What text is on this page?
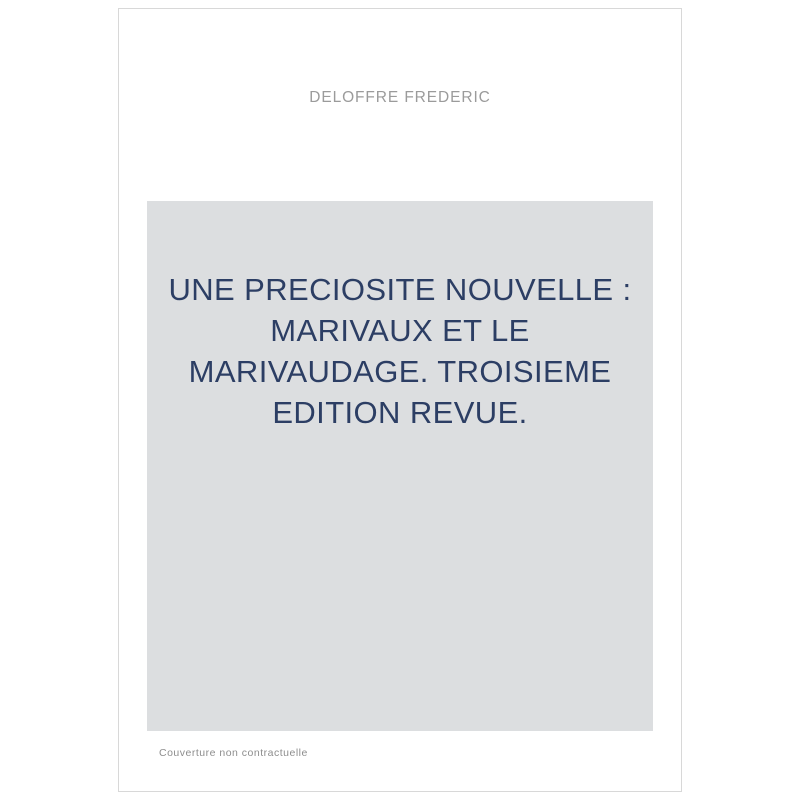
DELOFFRE FREDERIC
UNE PRECIOSITE NOUVELLE : MARIVAUX ET LE MARIVAUDAGE. TROISIEME EDITION REVUE.
Couverture non contractuelle
